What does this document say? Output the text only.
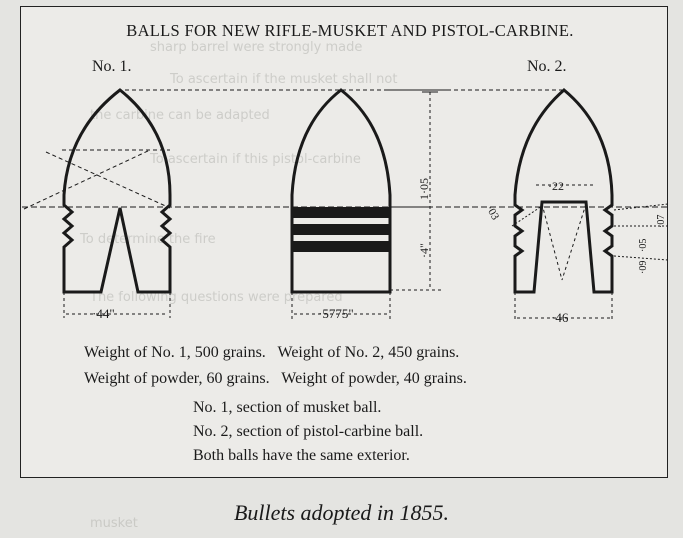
sharp barrel were strongly made
To ascertain if the musket shall not
the carbine can be adapted
To ascertain if this pistol-carbine
To determine the fire
The following questions were prepared
musket
BALLS FOR NEW RIFLE-MUSKET AND PISTOL-CARBINE.
No. 1.	No. 2.
·44"	·5775"
1·05
·4"
·22
·03
·46
·07
·05
·09
Weight of No. 1, 500 grains.   Weight of No. 2, 450 grains.
Weight of powder, 60 grains.   Weight of powder, 40 grains.
No. 1, section of musket ball.
No. 2, section of pistol-carbine ball.
Both balls have the same exterior.
Bullets adopted in 1855.
